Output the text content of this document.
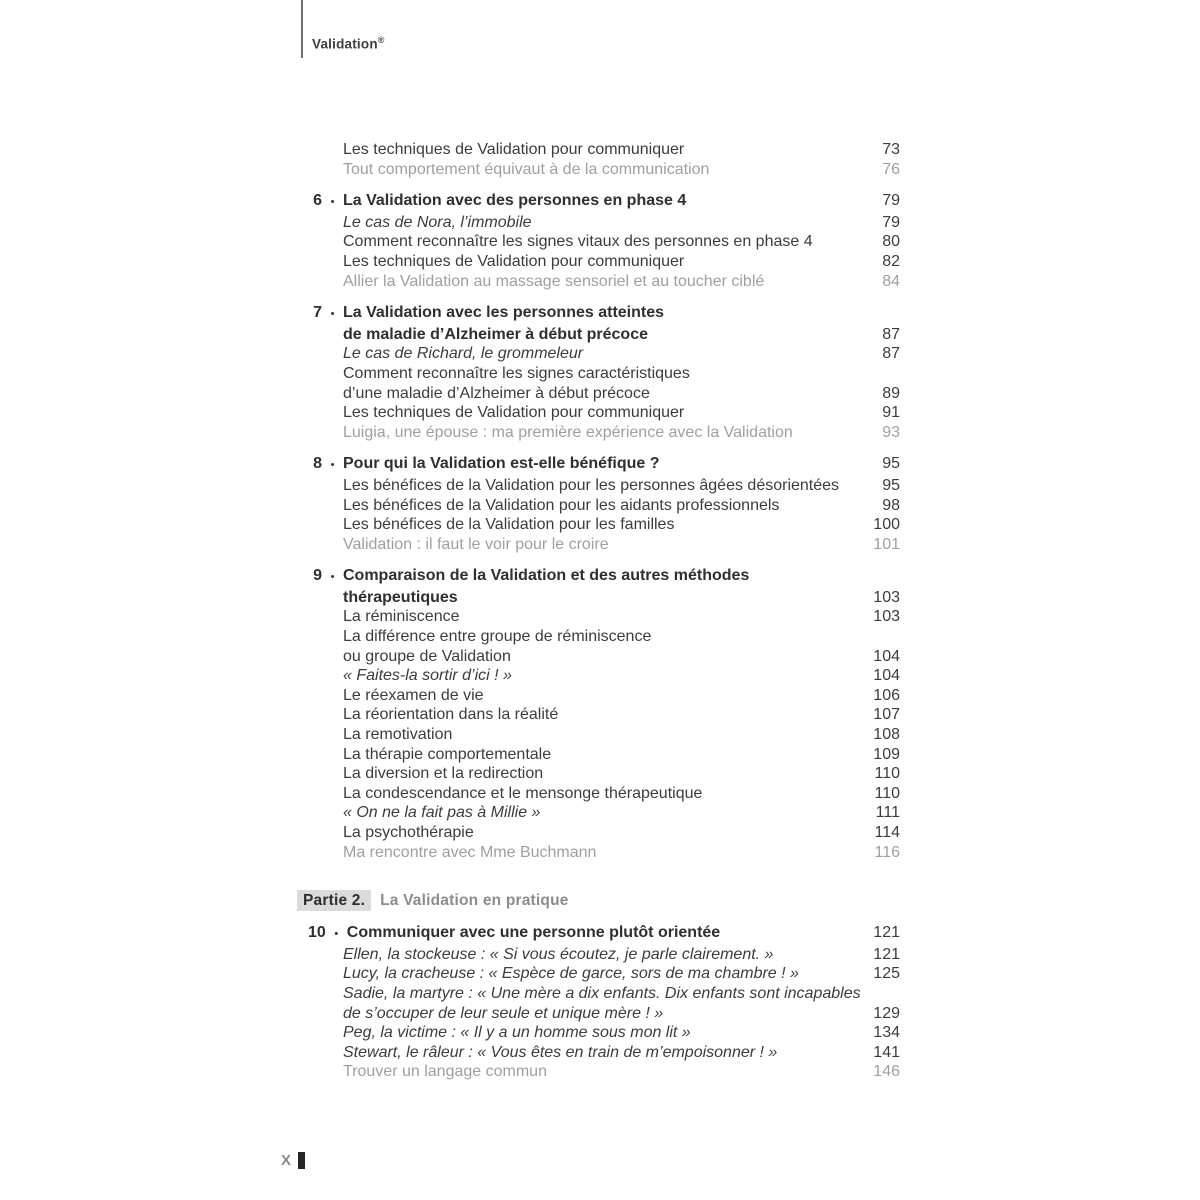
Validation®
Les techniques de Validation pour communiquer	73
Tout comportement équivaut à de la communication	76
6 • La Validation avec des personnes en phase 4	79
Le cas de Nora, l’immobile	79
Comment reconnaître les signes vitaux des personnes en phase 4	80
Les techniques de Validation pour communiquer	82
Allier la Validation au massage sensoriel et au toucher ciblé	84
7 • La Validation avec les personnes atteintes
de maladie d’Alzheimer à début précoce	87
Le cas de Richard, le grommeleur	87
Comment reconnaître les signes caractéristiques
d’une maladie d’Alzheimer à début précoce	89
Les techniques de Validation pour communiquer	91
Luigia, une épouse : ma première expérience avec la Validation	93
8 • Pour qui la Validation est-elle bénéfique ?	95
Les bénéfices de la Validation pour les personnes âgées désorientées	95
Les bénéfices de la Validation pour les aidants professionnels	98
Les bénéfices de la Validation pour les familles	100
Validation : il faut le voir pour le croire	101
9 • Comparaison de la Validation et des autres méthodes
thérapeutiques	103
La réminiscence	103
La différence entre groupe de réminiscence
ou groupe de Validation	104
« Faites-la sortir d’ici ! »	104
Le réexamen de vie	106
La réorientation dans la réalité	107
La remotivation	108
La thérapie comportementale	109
La diversion et la redirection	110
La condescendance et le mensonge thérapeutique	110
« On ne la fait pas à Millie »	111
La psychothérapie	114
Ma rencontre avec Mme Buchmann	116
Partie 2. La Validation en pratique
10 • Communiquer avec une personne plutôt orientée	121
Ellen, la stockeuse : « Si vous écoutez, je parle clairement. »	121
Lucy, la cracheuse : « Espèce de garce, sors de ma chambre ! »	125
Sadie, la martyre : « Une mère a dix enfants. Dix enfants sont incapables
de s’occuper de leur seule et unique mère ! »	129
Peg, la victime : « Il y a un homme sous mon lit »	134
Stewart, le râleur : « Vous êtes en train de m’empoisonner ! »	141
Trouver un langage commun	146
X
